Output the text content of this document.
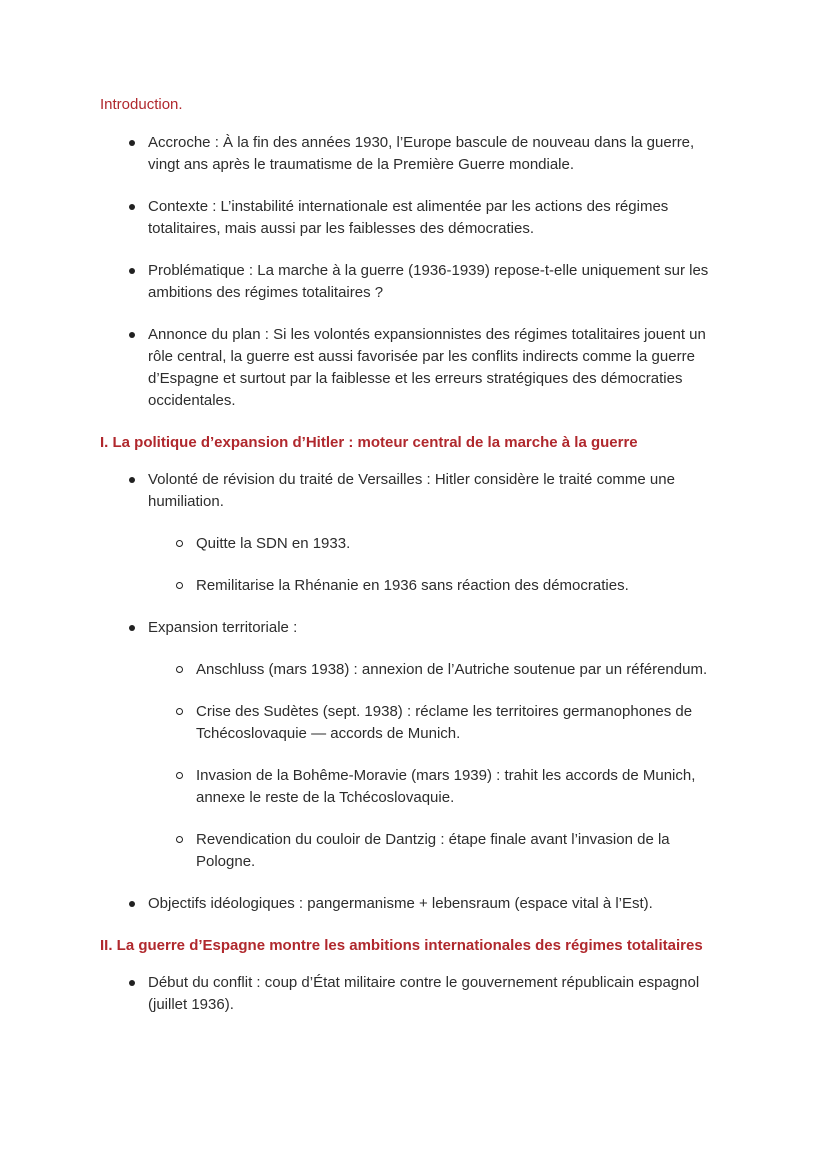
Introduction.
Accroche : À la fin des années 1930, l’Europe bascule de nouveau dans la guerre, vingt ans après le traumatisme de la Première Guerre mondiale.
Contexte : L’instabilité internationale est alimentée par les actions des régimes totalitaires, mais aussi par les faiblesses des démocraties.
Problématique : La marche à la guerre (1936-1939) repose-t-elle uniquement sur les ambitions des régimes totalitaires ?
Annonce du plan : Si les volontés expansionnistes des régimes totalitaires jouent un rôle central, la guerre est aussi favorisée par les conflits indirects comme la guerre d’Espagne et surtout par la faiblesse et les erreurs stratégiques des démocraties occidentales.
I. La politique d’expansion d’Hitler : moteur central de la marche à la guerre
Volonté de révision du traité de Versailles : Hitler considère le traité comme une humiliation.
Quitte la SDN en 1933.
Remilitarise la Rhénanie en 1936 sans réaction des démocraties.
Expansion territoriale :
Anschluss (mars 1938) : annexion de l’Autriche soutenue par un référendum.
Crise des Sudètes (sept. 1938) : réclame les territoires germanophones de Tchécoslovaquie — accords de Munich.
Invasion de la Bohême-Moravie (mars 1939) : trahit les accords de Munich, annexe le reste de la Tchécoslovaquie.
Revendication du couloir de Dantzig : étape finale avant l’invasion de la Pologne.
Objectifs idéologiques : pangermanisme + lebensraum (espace vital à l’Est).
II. La guerre d’Espagne montre les ambitions internationales des régimes totalitaires
Début du conflit : coup d’État militaire contre le gouvernement républicain espagnol (juillet 1936).
